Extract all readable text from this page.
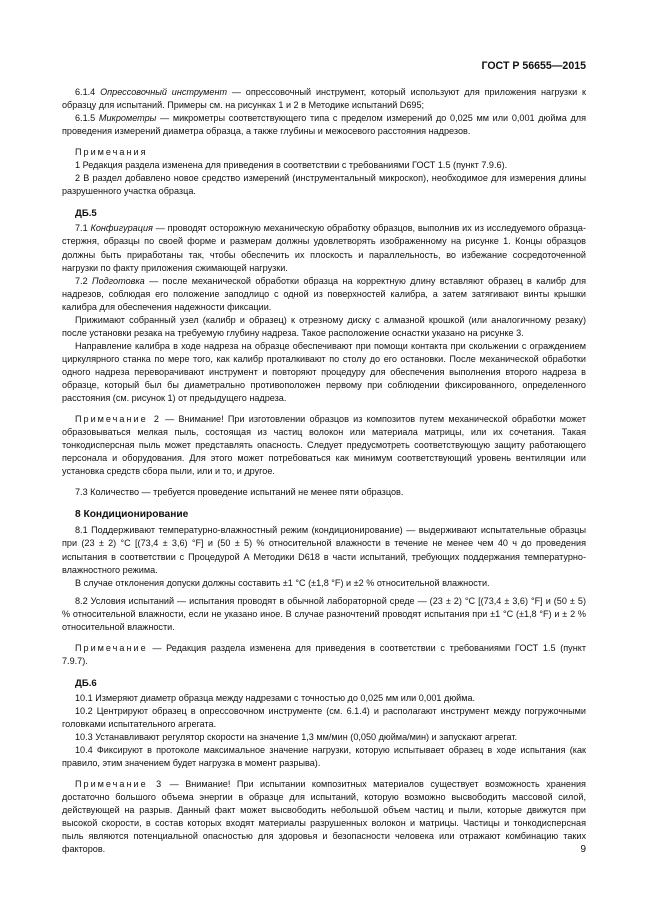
ГОСТ Р 56655—2015

6.1.4 Опрессовочный инструмент — опрессовочный инструмент, который используют для приложения нагрузки к образцу для испытаний. Примеры см. на рисунках 1 и 2 в Методике испытаний D695;

6.1.5 Микрометры — микрометры соответствующего типа с пределом измерений до 0,025 мм или 0,001 дюйма для проведения измерений диаметра образца, а также глубины и межосевого расстояния надрезов.

Примечания

1 Редакция раздела изменена для приведения в соответствии с требованиями ГОСТ 1.5 (пункт 7.9.6).

2 В раздел добавлено новое средство измерений (инструментальный микроскоп), необходимое для измерения длины разрушенного участка образца.

ДБ.5

7.1 Конфигурация — проводят осторожную механическую обработку образцов, выполнив их из исследуемого образца-стержня, образцы по своей форме и размерам должны удовлетворять изображенному на рисунке 1. Концы образцов должны быть приработаны так, чтобы обеспечить их плоскость и параллельность, во избежание сосредоточенной нагрузки по факту приложения сжимающей нагрузки.

7.2 Подготовка — после механической обработки образца на корректную длину вставляют образец в калибр для надрезов, соблюдая его положение заподлицо с одной из поверхностей калибра, а затем затягивают винты крышки калибра для обеспечения надежности фиксации.

Прижимают собранный узел (калибр и образец) к отрезному диску с алмазной крошкой (или аналогичному резаку) после установки резака на требуемую глубину надреза. Такое расположение оснастки указано на рисунке 3.

Направление калибра в ходе надреза на образце обеспечивают при помощи контакта при скольжении с ограждением циркулярного станка по мере того, как калибр проталкивают по столу до его остановки. После механической обработки одного надреза переворачивают инструмент и повторяют процедуру для обеспечения выполнения второго надреза в образце, который был бы диаметрально противоположен первому при соблюдении фиксированного, определенного расстояния (см. рисунок 1) от предыдущего надреза.

Примечание 2 — Внимание! При изготовлении образцов из композитов путем механической обработки может образовываться мелкая пыль, состоящая из частиц волокон или материала матрицы, или их сочетания. Такая тонкодисперсная пыль может представлять опасность. Следует предусмотреть соответствующую защиту работающего персонала и оборудования. Для этого может потребоваться как минимум соответствующий уровень вентиляции или установка средств сбора пыли, или и то, и другое.

7.3 Количество — требуется проведение испытаний не менее пяти образцов.

8 Кондиционирование

8.1 Поддерживают температурно-влажностный режим (кондиционирование) — выдерживают испытательные образцы при (23 ± 2) °С [(73,4 ± 3,6) °F] и (50 ± 5) % относительной влажности в течение не менее чем 40 ч до проведения испытания в соответствии с Процедурой А Методики D618 в части испытаний, требующих поддержания температурно-влажностного режима.

В случае отклонения допуски должны составить ±1 °С (±1,8 °F) и ±2 % относительной влажности.

8.2 Условия испытаний — испытания проводят в обычной лабораторной среде — (23 ± 2) °С [(73,4 ± 3,6) °F] и (50 ± 5) % относительной влажности, если не указано иное. В случае разночтений проводят испытания при ±1 °С (±1,8 °F) и ± 2 % относительной влажности.

Примечание — Редакция раздела изменена для приведения в соответствии с требованиями ГОСТ 1.5 (пункт 7.9.7).

ДБ.6

10.1 Измеряют диаметр образца между надрезами с точностью до 0,025 мм или 0,001 дюйма.

10.2 Центрируют образец в опрессовочном инструменте (см. 6.1.4) и располагают инструмент между погружочными головками испытательного агрегата.

10.3 Устанавливают регулятор скорости на значение 1,3 мм/мин (0,050 дюйма/мин) и запускают агрегат.

10.4 Фиксируют в протоколе максимальное значение нагрузки, которую испытывает образец в ходе испытания (как правило, этим значением будет нагрузка в момент разрыва).

Примечание 3 — Внимание! При испытании композитных материалов существует возможность хранения достаточно большого объема энергии в образце для испытаний, которую возможно высвободить массовой силой, действующей на разрыв. Данный факт может высвободить небольшой объем частиц и пыли, которые движутся при высокой скорости, в состав которых входят материалы разрушенных волокон и матрицы. Частицы и тонкодисперсная пыль являются потенциальной опасностью для здоровья и безопасности человека или отражают комбинацию таких факторов.	9
